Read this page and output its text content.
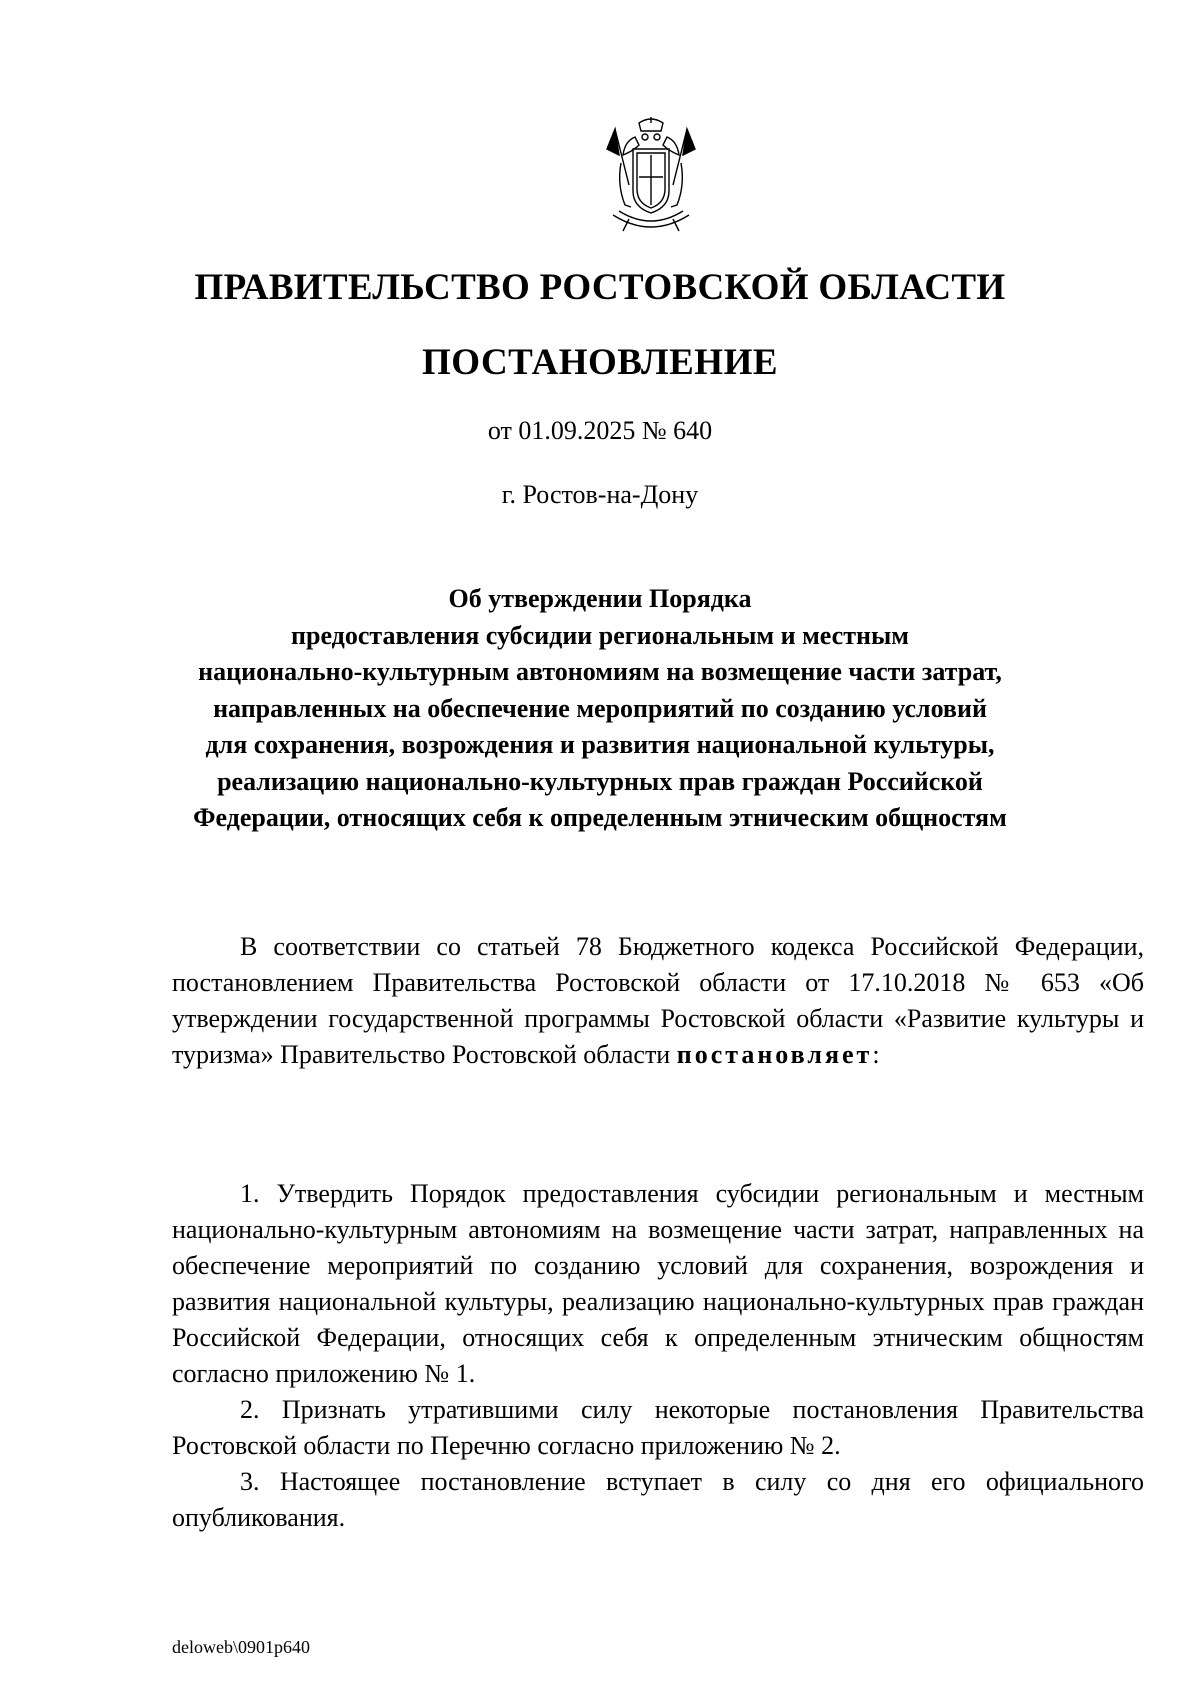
ПРАВИТЕЛЬСТВО РОСТОВСКОЙ ОБЛАСТИ
ПОСТАНОВЛЕНИЕ
от 01.09.2025 № 640
г. Ростов-на-Дону
Об утверждении Порядка
предоставления субсидии региональным и местным
национально-культурным автономиям на возмещение части затрат,
направленных на обеспечение мероприятий по созданию условий
для сохранения, возрождения и развития национальной культуры,
реализацию национально-культурных прав граждан Российской
Федерации, относящих себя к определенным этническим общностям
В соответствии со статьей 78 Бюджетного кодекса Российской Федерации, постановлением Правительства Ростовской области от 17.10.2018 № 653 «Об утверждении государственной программы Ростовской области «Развитие культуры и туризма» Правительство Ростовской области постановляет:
1. Утвердить Порядок предоставления субсидии региональным и местным национально-культурным автономиям на возмещение части затрат, направленных на обеспечение мероприятий по созданию условий для сохранения, возрождения и развития национальной культуры, реализацию национально-культурных прав граждан Российской Федерации, относящих себя к определенным этническим общностям согласно приложению № 1.
2. Признать утратившими силу некоторые постановления Правительства Ростовской области по Перечню согласно приложению № 2.
3. Настоящее постановление вступает в силу со дня его официального опубликования.
deloweb\0901p640
